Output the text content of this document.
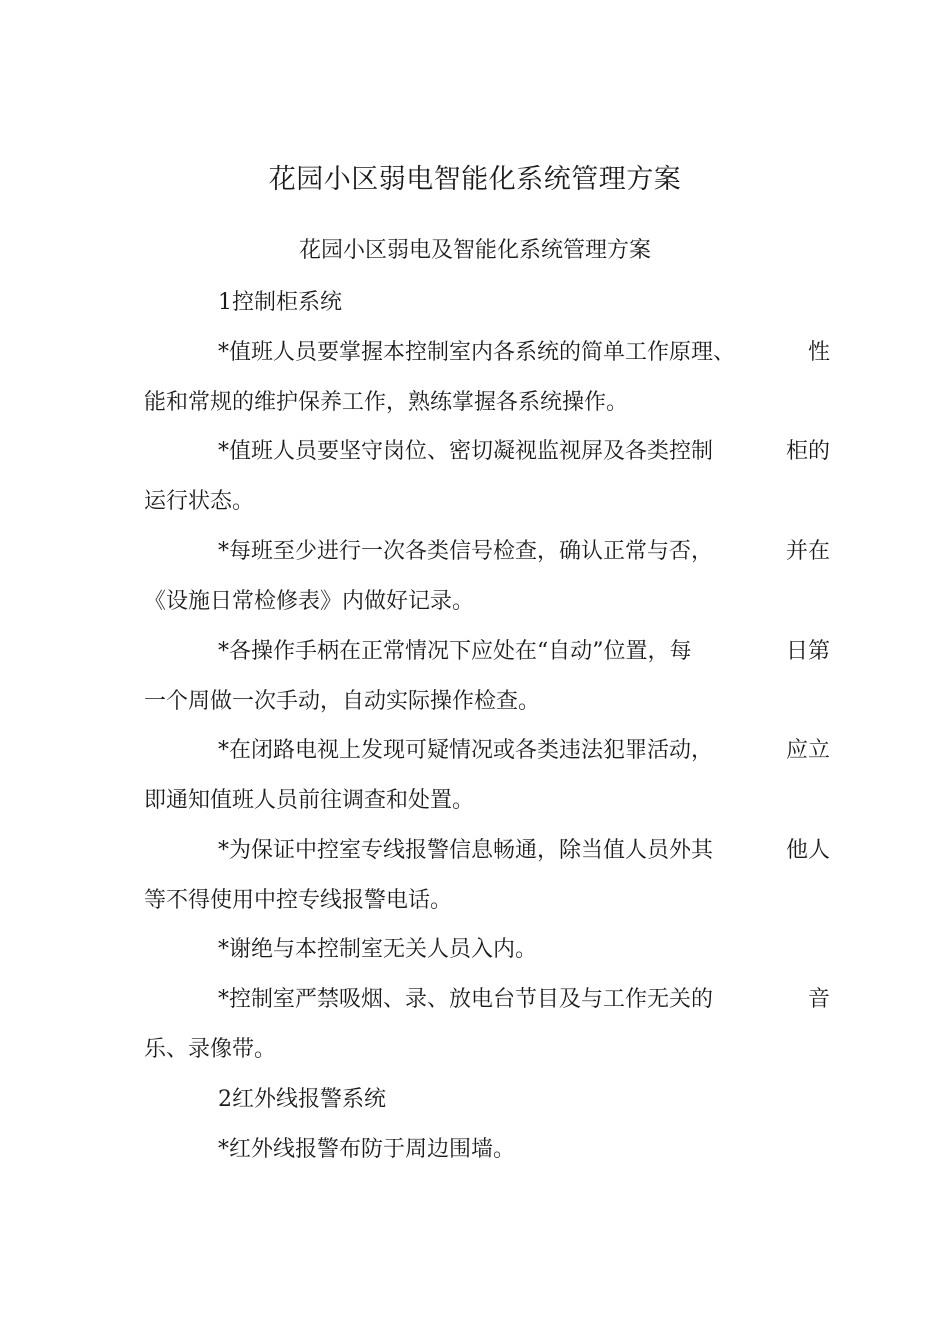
花园小区弱电智能化系统管理方案
花园小区弱电及智能化系统管理方案
1控制柜系统
*值班人员要掌握本控制室内各系统的简单工作原理、	性
能和常规的维护保养工作，熟练掌握各系统操作。
*值班人员要坚守岗位、密切凝视监视屏及各类控制	柜的
运行状态。
*每班至少进行一次各类信号检查，确认正常与否，	并在
《设施日常检修表》内做好记录。
*各操作手柄在正常情况下应处在“自动”位置，每	日第
一个周做一次手动，自动实际操作检查。
*在闭路电视上发现可疑情况或各类违法犯罪活动，	应立
即通知值班人员前往调查和处置。
*为保证中控室专线报警信息畅通，除当值人员外其	他人
等不得使用中控专线报警电话。
*谢绝与本控制室无关人员入内。
*控制室严禁吸烟、录、放电台节目及与工作无关的	音
乐、录像带。
2红外线报警系统
*红外线报警布防于周边围墙。
